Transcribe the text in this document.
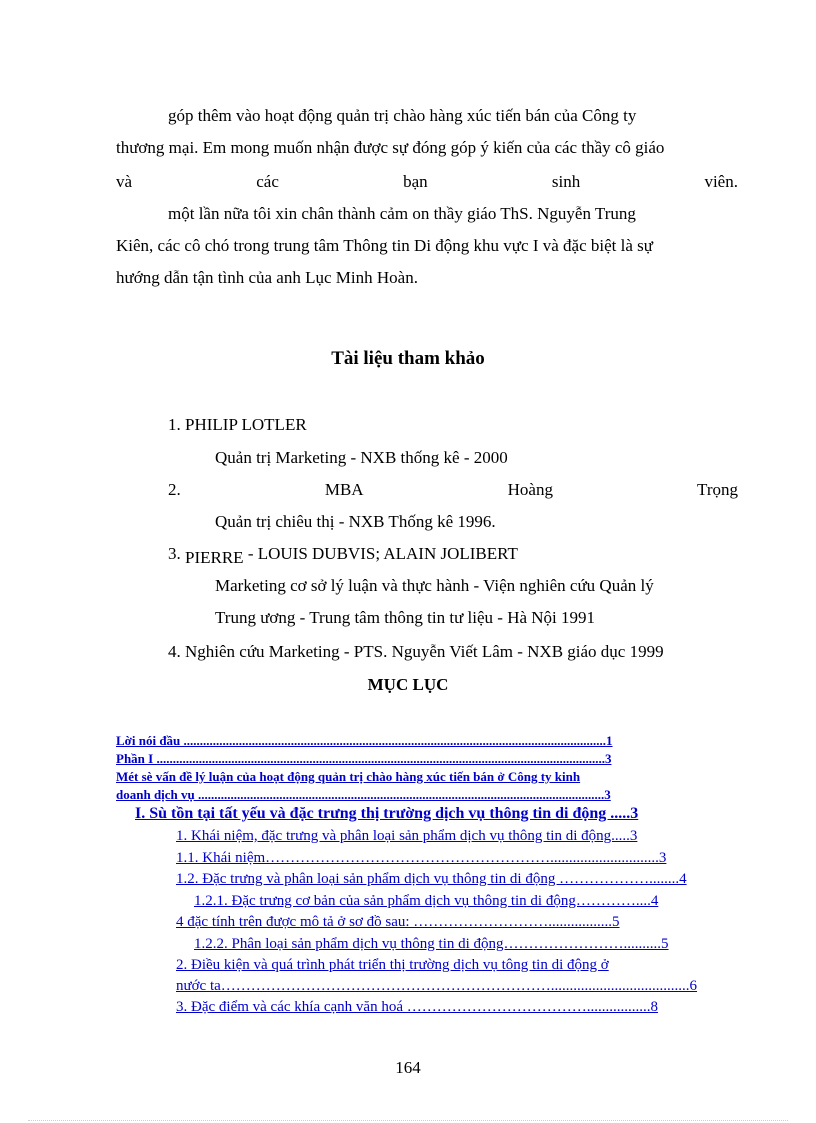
góp thêm vào hoạt động quản trị chào hàng xúc tiến bán của Công ty
thương mại. Em mong muốn nhận được sự đóng góp ý kiến của các thầy cô giáo
và	các	bạn	sinh	viên.
một lần nữa tôi xin chân thành cảm on thầy giáo ThS. Nguyễn Trung
Kiên, các cô chó trong trung tâm Thông tin Di động khu vực I và đặc biệt là sự
hướng dẫn tận tình của anh Lục Minh Hoàn.
Tài liệu tham khảo
1. PHILIP LOTLER
Quản trị Marketing - NXB thống kê - 2000
2.	MBA	Hoàng	Trọng
Quản trị chiêu thị - NXB Thống kê 1996.
3. PIERRE - LOUIS DUBVIS; ALAIN JOLIBERT
Marketing cơ sở lý luận và thực hành - Viện nghiên cứu Quản lý
Trung ương - Trung tâm thông tin tư liệu - Hà Nội 1991
4. Nghiên cứu Marketing - PTS. Nguyễn Viết Lâm - NXB giáo dục 1999
MỤC LỤC
Lời nói đầu ..................................................................................................................................1
Phần I ..........................................................................................................................................3
Mét sè vấn đề lý luận của hoạt động quản trị chào hàng xúc tiến bán ở Công ty kinh
doanh dịch vụ .............................................................................................................................3
I. Sù tồn tại tất yếu và đặc trưng thị trường dịch vụ thông tin di động .....3
1. Khái niệm, đặc trưng và phân loại sản phẩm dịch vụ thông tin di động.....3
1.1. Khái niệm………………………………………………….............................3
1.2. Đặc trưng và phân loại sản phẩm dịch vụ thông tin di động ………………........4
1.2.1. Đặc trưng cơ bản của sản phẩm dịch vụ thông tin di động…………....4
4 đặc tính trên được mô tả ở sơ đồ sau: ……………………….................5
1.2.2. Phân loại sản phẩm dịch vụ thông tin di động……………………..........5
2. Điều kiện và quá trình phát triển thị trường dịch vụ tông tin di động ở
nước ta………………………………………………………….....................................6
3. Đặc điểm và các khía cạnh văn hoá ……………………………….................8
164
